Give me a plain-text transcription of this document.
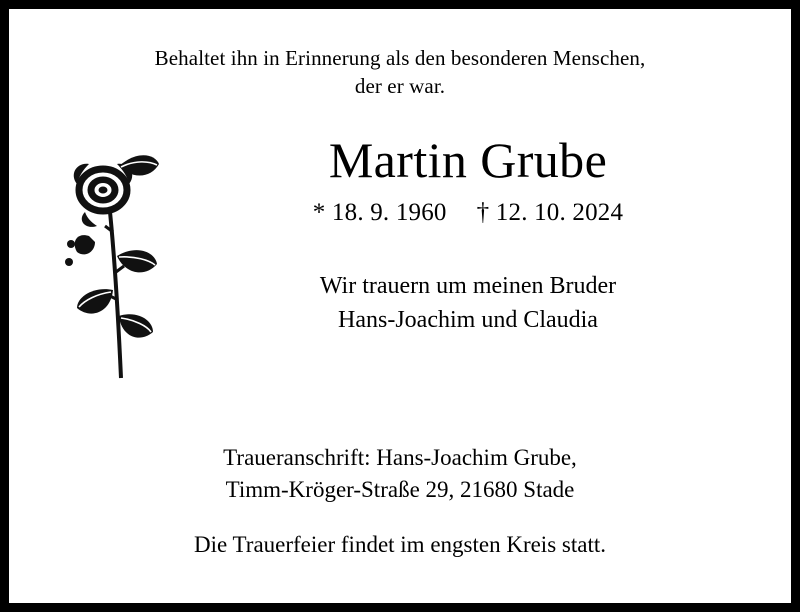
Behaltet ihn in Erinnerung als den besonderen Menschen,
der er war.
Martin Grube
* 18. 9. 1960 † 12. 10. 2024
Wir trauern um meinen Bruder
Hans-Joachim und Claudia
Traueranschrift: Hans-Joachim Grube,
Timm-Kröger-Straße 29, 21680 Stade
Die Trauerfeier findet im engsten Kreis statt.
